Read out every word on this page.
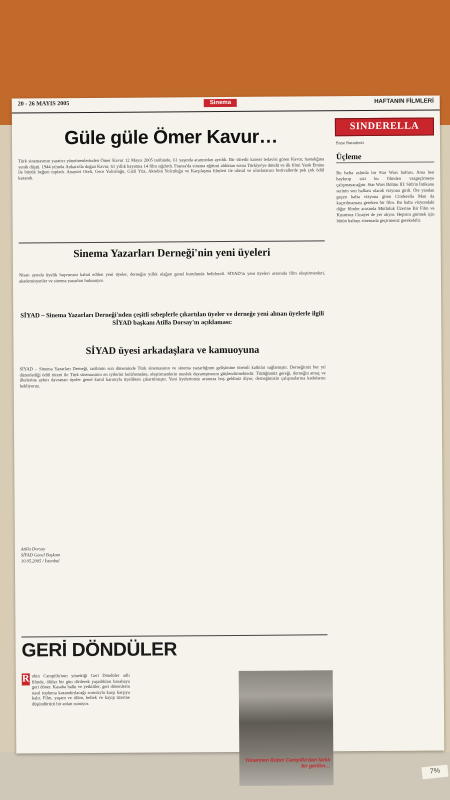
7%
20 - 26 MAYIS 2005	Sinema	HAFTANIN FİLMLERİ
Güle güle Ömer Kavur…
Türk sinemasının yaratıcı yönetmenlerinden Ömer Kavur 12 Mayıs 2005 tarihinde, 61 yaşında aramızdan ayrıldı. Bir süredir kanser tedavisi gören Kavur, hastalığına yenik düştü. 1944 yılında Ankara'da doğan Kavur, 61 yıllık hayatına 14 film sığdırdı. Fransa'da sinema eğitimi aldıktan sonra Türkiye'ye döndü ve ilk filmi Yatık Emine ile büyük beğeni topladı. Anayurt Oteli, Gece Yolculuğu, Gizli Yüz, Akrebin Yolculuğu ve Karşılaşma filmleri ile ulusal ve uluslararası festivallerde pek çok ödül kazandı.
Sinema Yazarları Derneği'nin yeni üyeleri
Nisan ayında üyelik başvurusu kabul edilen yeni üyeler, derneğin yıllık olağan genel kurulunda belirlendi. SİYAD'ın yeni üyeleri arasında film eleştirmenleri, akademisyenler ve sinema yazarları bulunuyor.
SİYAD – Sinema Yazarları Derneği'nden çeşitli sebeplerle çıkartılan üyeler ve derneğe yeni alınan üyelerle ilgili SİYAD başkanı Atilla Dorsay'ın açıklaması:
SİYAD üyesi arkadaşlara ve kamuoyuna
SİYAD – Sinema Yazarları Derneği, tarihinin son döneminde Türk sinemasının ve sinema yazarlığının gelişimine önemli katkılar sağlamıştır. Derneğimiz her yıl düzenlediği ödül töreni ile Türk sinemasının en iyilerini belirlemekte, eleştirmenlerin meslek dayanışmasını güçlendirmektedir. Tüzüğümüz gereği, derneğin amaç ve ilkelerine aykırı davranan üyeler genel kurul kararıyla üyelikten çıkartılmıştır. Yeni üyelerimize aramıza hoş geldiniz diyor, derneğimizin çalışmalarına katkılarını bekliyoruz.
Atilla Dorsay
SİYAD Genel Başkanı
10.05.2005 / İstanbul
GERİ DÖNDÜLER
R obin Campillo'nun yönettiği Geri Döndüler adlı filmde, ölüler bir gün dirilerek yaşadıkları kasabaya geri döner. Kasaba halkı ve yetkililer, geri dönenlerin nasıl topluma kazandırılacağı sorusuyla karşı karşıya kalır. Film, yaşam ve ölüm, bellek ve kayıp üzerine düşündürücü bir anlatı sunuyor.
Yönetmen Robin Campillo'dan farklı bir gerilim…
SINDERELLA
Buse Baradeniz
Üçleme
Bu hafta aslında bir Star Wars haftası. Ama ben haykırıp sizi bu filmden vazgeçirmeye çalışmayacağım. Star Wars Bölüm III: Sith'in İntikamı serinin son halkası olarak vizyona girdi. Öte yandan geçen hafta vizyona giren Cinderella Man da kaçırılmaması gereken bir film. Bu hafta vizyondaki diğer filmler arasında Mutluluk Üzerine Bir Film ve Kusursuz Cinayet de yer alıyor. Hepsini görmek için bütün haftayı sinemada geçirmeniz gerekebilir.
